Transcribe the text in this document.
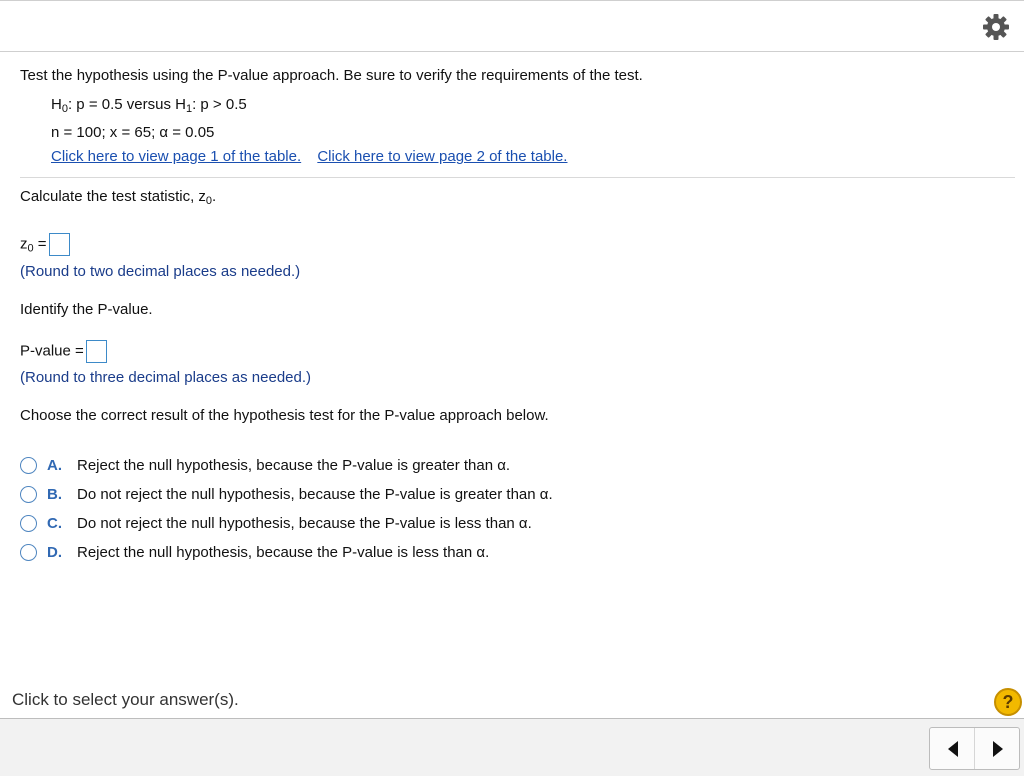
Test the hypothesis using the P-value approach. Be sure to verify the requirements of the test.
$H_0$: p = 0.5 versus $H_1$: p > 0.5
n = 100; x = 65; α = 0.05
Click here to view page 1 of the table. Click here to view page 2 of the table.
Calculate the test statistic, $z_0$.
$z_0$ =
(Round to two decimal places as needed.)
Identify the P-value.
P-value =
(Round to three decimal places as needed.)
Choose the correct result of the hypothesis test for the P-value approach below.
A. Reject the null hypothesis, because the P-value is greater than α.
B. Do not reject the null hypothesis, because the P-value is greater than α.
C. Do not reject the null hypothesis, because the P-value is less than α.
D. Reject the null hypothesis, because the P-value is less than α.
Click to select your answer(s).	?
